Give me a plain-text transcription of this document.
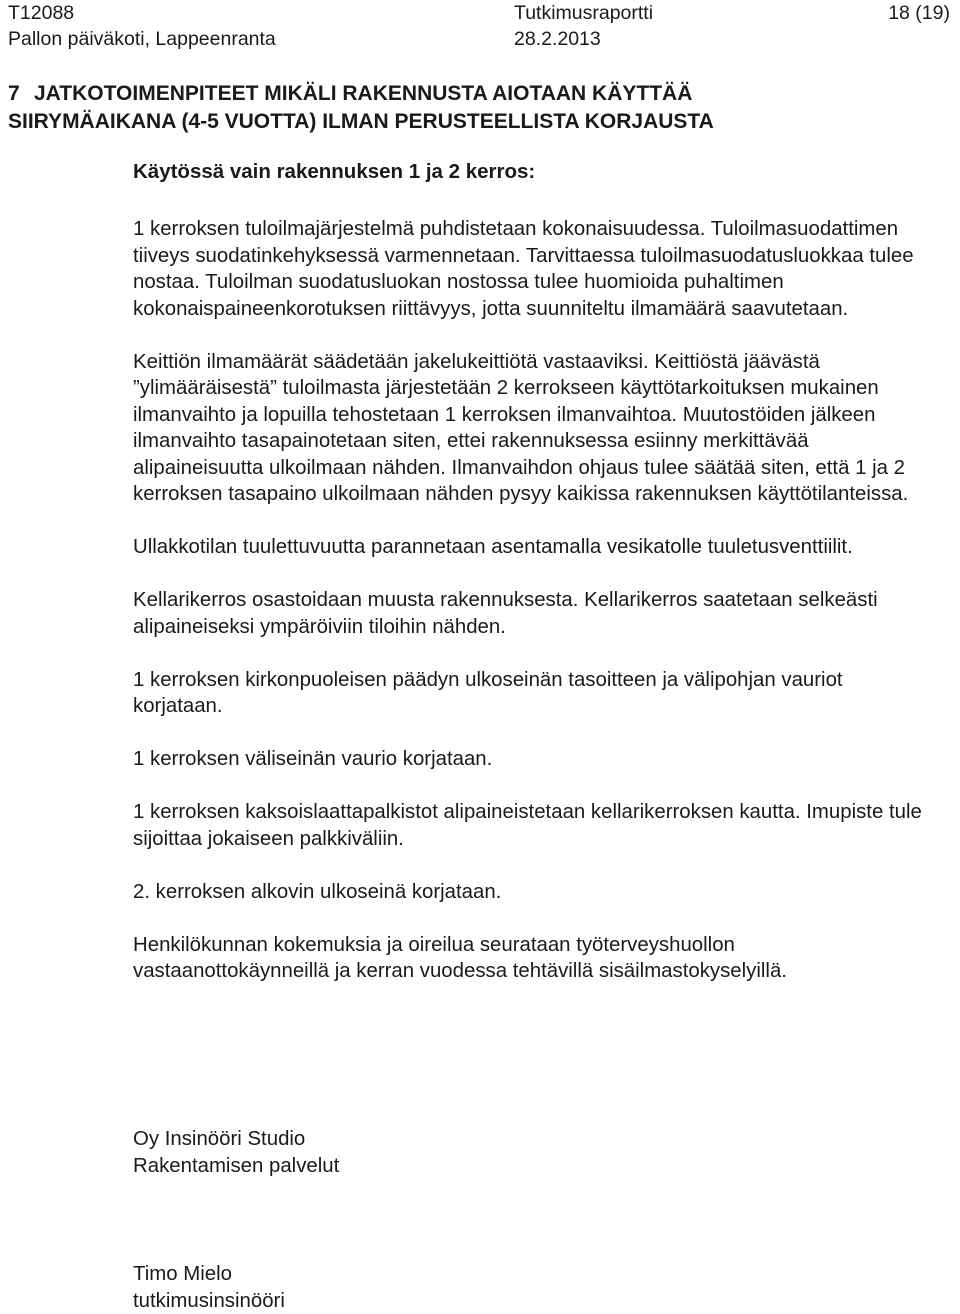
T12088	Tutkimusraportti	18 (19)
Pallon päiväkoti, Lappeenranta	28.2.2013
7 JATKOTOIMENPITEET MIKÄLI RAKENNUSTA AIOTAAN KÄYTTÄÄ
SIIRYMÄAIKANA (4-5 VUOTTA) ILMAN PERUSTEELLISTA KORJAUSTA
Käytössä vain rakennuksen 1 ja 2 kerros:

1 kerroksen tuloilmajärjestelmä puhdistetaan kokonaisuudessa. Tuloilmasuodattimen tiiveys suodatinkehyksessä varmennetaan. Tarvittaessa tuloilmasuodatusluokkaa tulee nostaa. Tuloilman suodatusluokan nostossa tulee huomioida puhaltimen kokonaispaineenkorotuksen riittävyys, jotta suunniteltu ilmamäärä saavutetaan.

Keittiön ilmamäärät säädetään jakelukeittiötä vastaaviksi. Keittiöstä jäävästä ”ylimääräisestä” tuloilmasta järjestetään 2 kerrokseen käyttötarkoituksen mukainen ilmanvaihto ja lopuilla tehostetaan 1 kerroksen ilmanvaihtoa. Muutostöiden jälkeen ilmanvaihto tasapainotetaan siten, ettei rakennuksessa esiinny merkittävää alipaineisuutta ulkoilmaan nähden. Ilmanvaihdon ohjaus tulee säätää siten, että 1 ja 2 kerroksen tasapaino ulkoilmaan nähden pysyy kaikissa rakennuksen käyttötilanteissa.

Ullakkotilan tuulettuvuutta parannetaan asentamalla vesikatolle tuuletusventtiilit.

Kellarikerros osastoidaan muusta rakennuksesta. Kellarikerros saatetaan selkeästi alipaineiseksi ympäröiviin tiloihin nähden.

1 kerroksen kirkonpuoleisen päädyn ulkoseinän tasoitteen ja välipohjan vauriot korjataan.

1 kerroksen väliseinän vaurio korjataan.

1 kerroksen kaksoislaattapalkistot alipaineistetaan kellarikerroksen kautta. Imupiste tule sijoittaa jokaiseen palkkiväliin.

2. kerroksen alkovin ulkoseinä korjataan.

Henkilökunnan kokemuksia ja oireilua seurataan työterveyshuollon vastaanottokäynneillä ja kerran vuodessa tehtävillä sisäilmastokyselyillä.

Oy Insinööri Studio
Rakentamisen palvelut
Timo Mielo
tutkimusinsinööri
